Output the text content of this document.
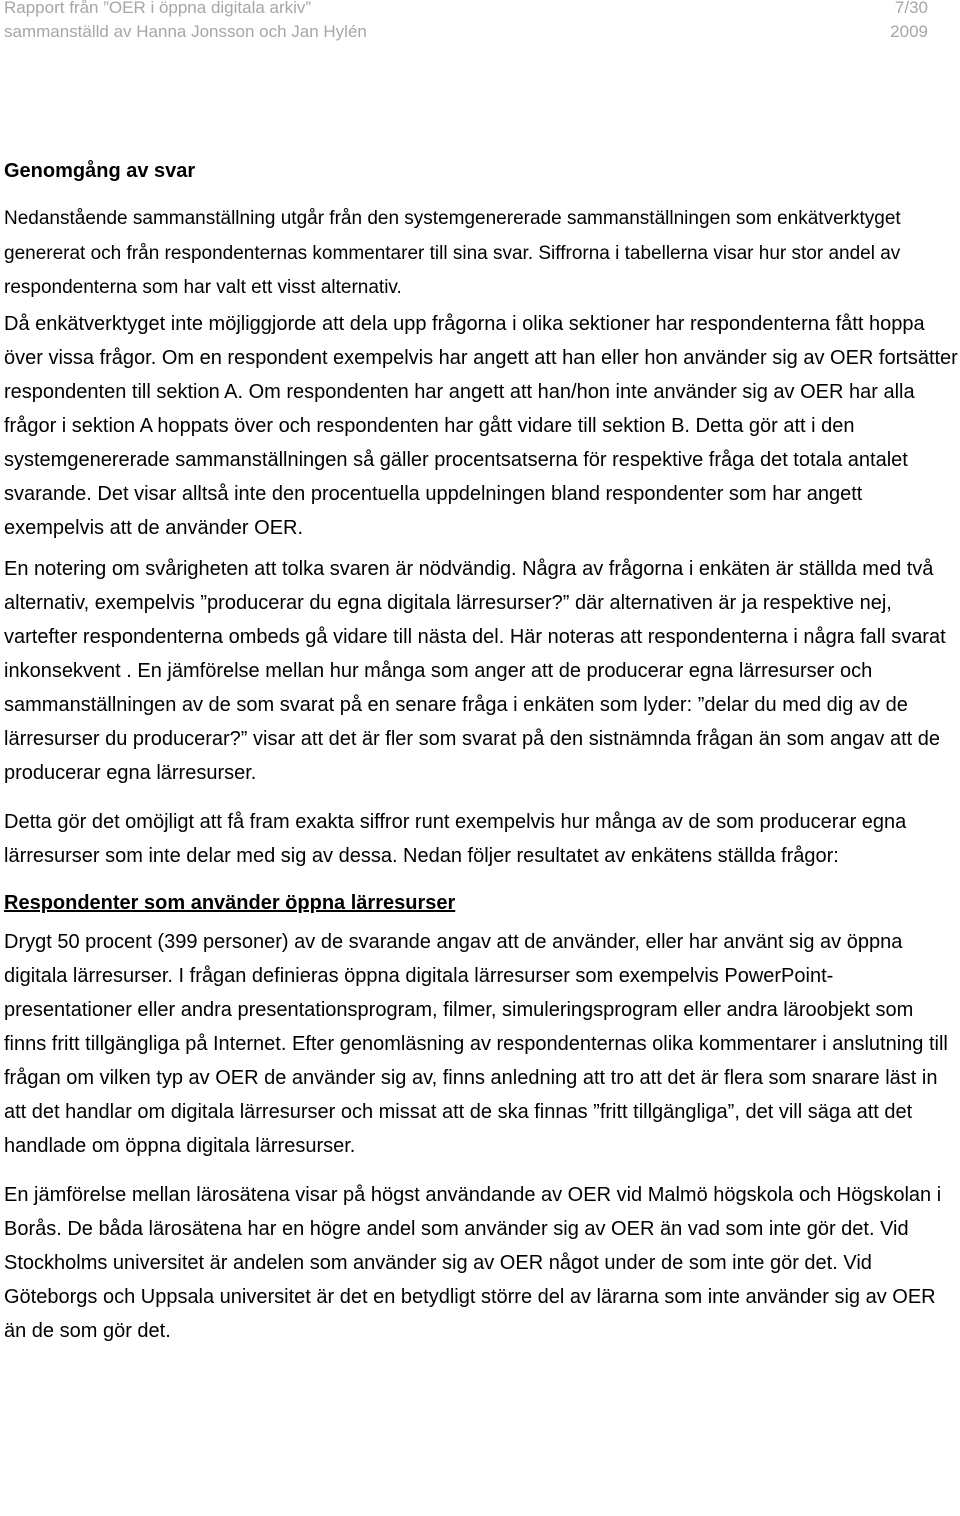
Rapport från ”OER i öppna digitala arkiv”	7/30
sammanställd av Hanna Jonsson och Jan Hylén	2009
Genomgång av svar

Nedanstående sammanställning utgår från den systemgenererade sammanställningen som enkätverktyget genererat och från respondenternas kommentarer till sina svar. Siffrorna i tabellerna visar hur stor andel av respondenterna som har valt ett visst alternativ.

Då enkätverktyget inte möjliggjorde att dela upp frågorna i olika sektioner har respondenterna fått hoppa över vissa frågor. Om en respondent exempelvis har angett att han eller hon använder sig av OER fortsätter respondenten till sektion A. Om respondenten har angett att han/hon inte använder sig av OER har alla frågor i sektion A hoppats över och respondenten har gått vidare till sektion B. Detta gör att i den systemgenererade sammanställningen så gäller procentsatserna för respektive fråga det totala antalet svarande. Det visar alltså inte den procentuella uppdelningen bland respondenter som har angett exempelvis att de använder OER.

En notering om svårigheten att tolka svaren är nödvändig. Några av frågorna i enkäten är ställda med två alternativ, exempelvis ”producerar du egna digitala lärresurser?” där alternativen är ja respektive nej, vartefter respondenterna ombeds gå vidare till nästa del. Här noteras att respondenterna i några fall svarat inkonsekvent . En jämförelse mellan hur många som anger att de producerar egna lärresurser och sammanställningen av de som svarat på en senare fråga i enkäten som lyder: ”delar du med dig av de lärresurser du producerar?” visar att det är fler som svarat på den sistnämnda frågan än som angav att de producerar egna lärresurser.

Detta gör det omöjligt att få fram exakta siffror runt exempelvis hur många av de som producerar egna lärresurser som inte delar med sig av dessa. Nedan följer resultatet av enkätens ställda frågor:

Respondenter som använder öppna lärresurser

Drygt 50 procent (399 personer) av de svarande angav att de använder, eller har använt sig av öppna digitala lärresurser. I frågan definieras öppna digitala lärresurser som exempelvis PowerPoint-presentationer eller andra presentationsprogram, filmer, simuleringsprogram eller andra läroobjekt som finns fritt tillgängliga på Internet. Efter genomläsning av respondenternas olika kommentarer i anslutning till frågan om vilken typ av OER de använder sig av, finns anledning att tro att det är flera som snarare läst in att det handlar om digitala lärresurser och missat att de ska finnas ”fritt tillgängliga”, det vill säga att det handlade om öppna digitala lärresurser.

En jämförelse mellan lärosätena visar på högst användande av OER vid Malmö högskola och Högskolan i Borås. De båda lärosätena har en högre andel som använder sig av OER än vad som inte gör det. Vid Stockholms universitet är andelen som använder sig av OER något under de som inte gör det. Vid Göteborgs och Uppsala universitet är det en betydligt större del av lärarna som inte använder sig av OER än de som gör det.
